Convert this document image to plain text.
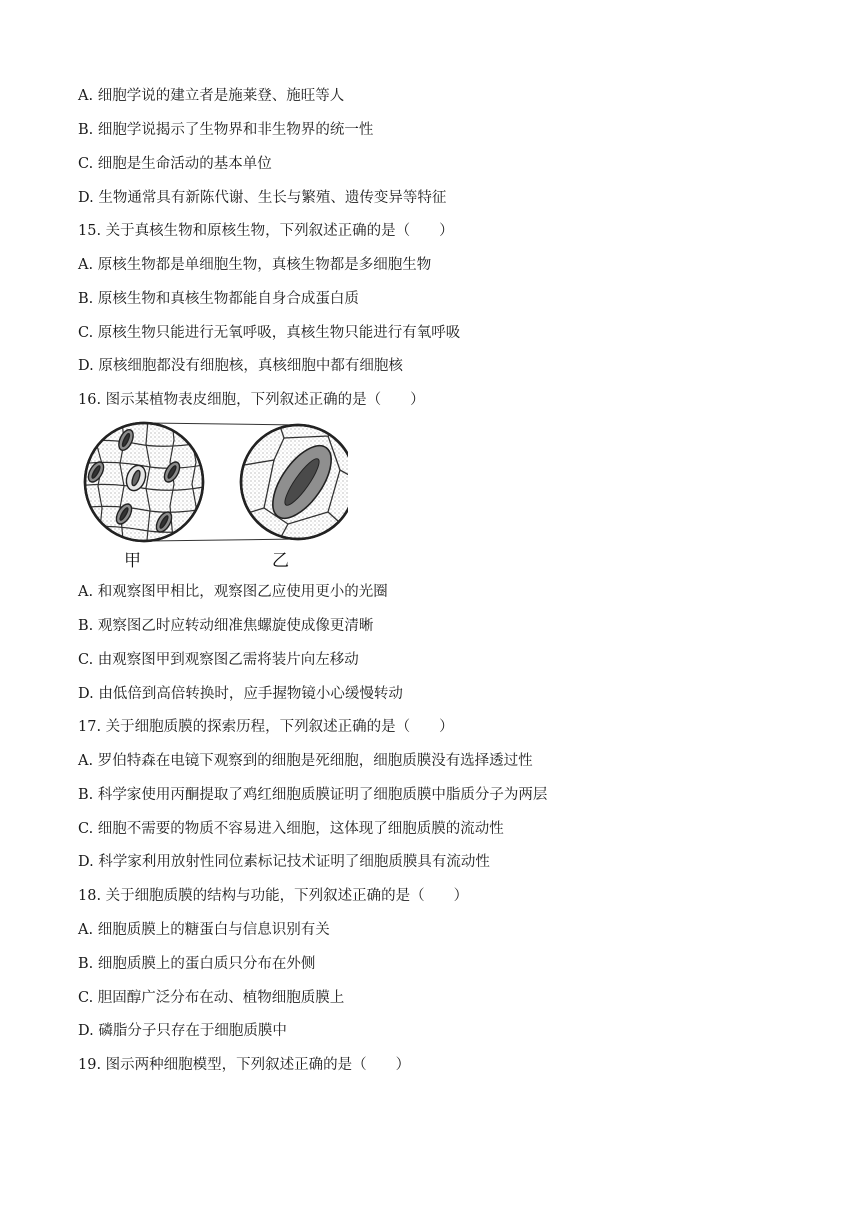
A. 细胞学说的建立者是施莱登、施旺等人
B. 细胞学说揭示了生物界和非生物界的统一性
C. 细胞是生命活动的基本单位
D. 生物通常具有新陈代谢、生长与繁殖、遗传变异等特征
15. 关于真核生物和原核生物，下列叙述正确的是（　　）
A. 原核生物都是单细胞生物，真核生物都是多细胞生物
B. 原核生物和真核生物都能自身合成蛋白质
C. 原核生物只能进行无氧呼吸，真核生物只能进行有氧呼吸
D. 原核细胞都没有细胞核，真核细胞中都有细胞核
16. 图示某植物表皮细胞，下列叙述正确的是（　　）
甲	乙
A. 和观察图甲相比，观察图乙应使用更小的光圈
B. 观察图乙时应转动细准焦螺旋使成像更清晰
C. 由观察图甲到观察图乙需将装片向左移动
D. 由低倍到高倍转换时，应手握物镜小心缓慢转动
17. 关于细胞质膜的探索历程，下列叙述正确的是（　　）
A. 罗伯特森在电镜下观察到的细胞是死细胞，细胞质膜没有选择透过性
B. 科学家使用丙酮提取了鸡红细胞质膜证明了细胞质膜中脂质分子为两层
C. 细胞不需要的物质不容易进入细胞，这体现了细胞质膜的流动性
D. 科学家利用放射性同位素标记技术证明了细胞质膜具有流动性
18. 关于细胞质膜的结构与功能，下列叙述正确的是（　　）
A. 细胞质膜上的糖蛋白与信息识别有关
B. 细胞质膜上的蛋白质只分布在外侧
C. 胆固醇广泛分布在动、植物细胞质膜上
D. 磷脂分子只存在于细胞质膜中
19. 图示两种细胞模型，下列叙述正确的是（　　）
